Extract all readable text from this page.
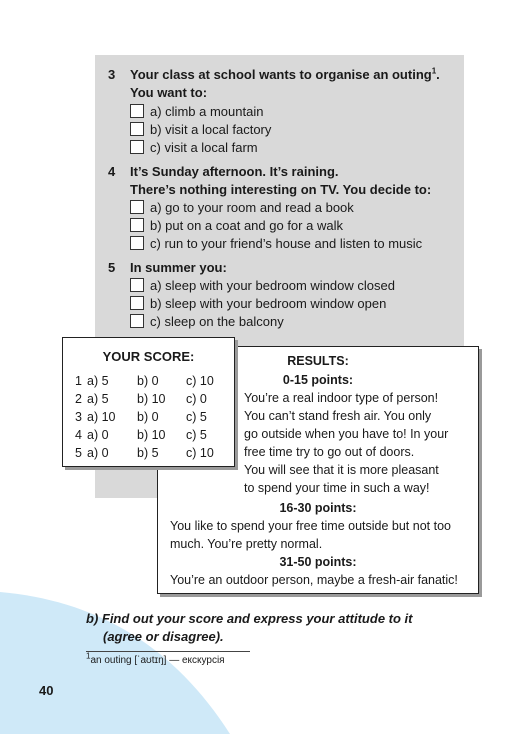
3	Your class at school wants to organise an outing$^1$.
You want to:
a) climb a mountain
b) visit a local factory
c) visit a local farm
4	It’s Sunday afternoon. It’s raining.
There’s nothing interesting on TV. You decide to:
a) go to your room and read a book
b) put on a coat and go for a walk
c) run to your friend’s house and listen to music
5	In summer you:
a) sleep with your bedroom window closed
b) sleep with your bedroom window open
c) sleep on the balcony
RESULTS:
0-15 points:
You’re a real indoor type of person!
You can’t stand fresh air. You only
go outside when you have to! In your
free time try to go out of doors.
You will see that it is more pleasant
to spend your time in such a way!
16-30 points:
You like to spend your free time outside but not too
much. You’re pretty normal.
31-50 points:
You’re an outdoor person, maybe a fresh-air fanatic!
YOUR SCORE:
1	a) 5	b) 0	c) 10
2	a) 5	b) 10	c) 0
3	a) 10	b) 0	c) 5
4	a) 0	b) 10	c) 5
5	a) 0	b) 5	c) 10
b) Find out your score and express your attitude to it
(agree or disagree).
$^1$an outing [ˈaʊtɪŋ] — екскурсія
40
